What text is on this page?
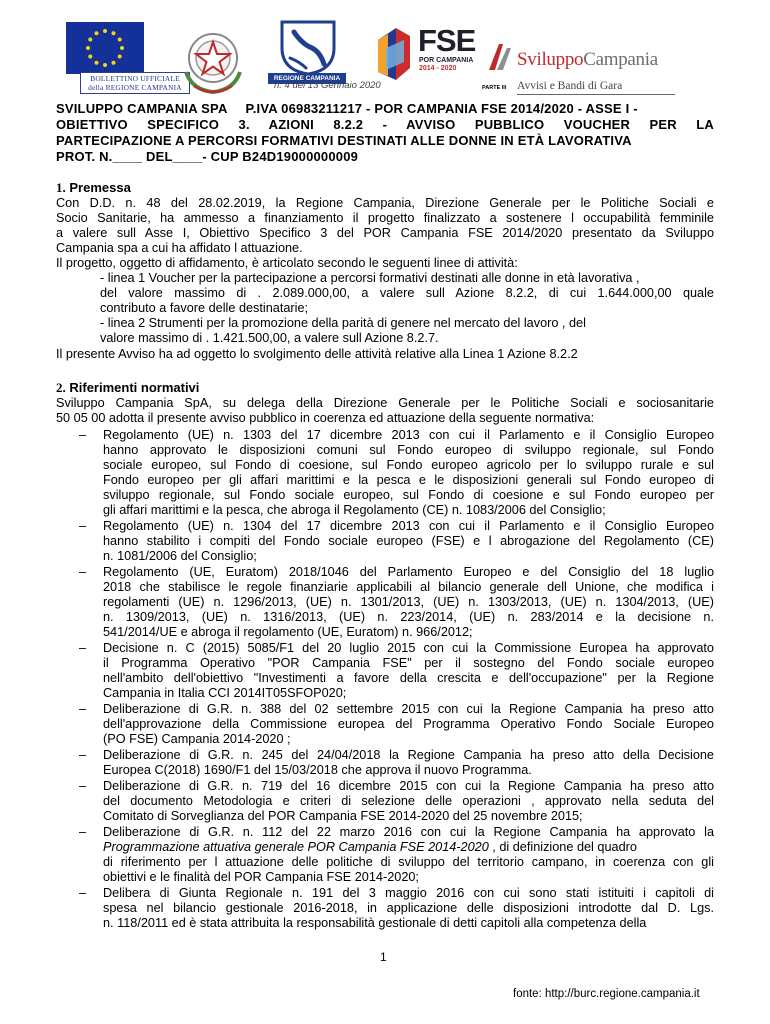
BOLLETTINO UFFICIALE
della REGIONE CAMPANIA
REGIONE CAMPANIA
n. 4 del 13 Gennaio 2020
FSE
POR CAMPANIA
2014 - 2020	SviluppoCampania
PARTE III Avvisi e Bandi di Gara
SVILUPPO CAMPANIA SPA P.IVA 06983211217 - POR CAMPANIA FSE 2014/2020 - ASSE I -
OBIETTIVO SPECIFICO 3. AZIONI 8.2.2 - AVVISO PUBBLICO VOUCHER PER LA
PARTECIPAZIONE A PERCORSI FORMATIVI DESTINATI ALLE DONNE IN ETÀ LAVORATIVA
PROT. N.____ DEL____- CUP B24D19000000009
1. Premessa
Con D.D. n. 48 del 28.02.2019, la Regione Campania, Direzione Generale per le Politiche Sociali e
Socio Sanitarie, ha ammesso a finanziamento il progetto finalizzato a sostenere l occupabilità femminile
a valere sull Asse I, Obiettivo Specifico 3 del POR Campania FSE 2014/2020 presentato da Sviluppo
Campania spa a cui ha affidato l attuazione.
Il progetto, oggetto di affidamento, è articolato secondo le seguenti linee di attività:
- linea 1 Voucher per la partecipazione a percorsi formativi destinati alle donne in età lavorativa ,
del valore massimo di . 2.089.000,00, a valere sull Azione 8.2.2, di cui 1.644.000,00 quale
contributo a favore delle destinatarie;
- linea 2 Strumenti per la promozione della parità di genere nel mercato del lavoro , del
valore massimo di . 1.421.500,00, a valere sull Azione 8.2.7.
Il presente Avviso ha ad oggetto lo svolgimento delle attività relative alla Linea 1 Azione 8.2.2
2. Riferimenti normativi
Sviluppo Campania SpA, su delega della Direzione Generale per le Politiche Sociali e sociosanitarie
50 05 00 adotta il presente avviso pubblico in coerenza ed attuazione della seguente normativa:
– Regolamento (UE) n. 1303 del 17 dicembre 2013 con cui il Parlamento e il Consiglio Europeo
hanno approvato le disposizioni comuni sul Fondo europeo di sviluppo regionale, sul Fondo
sociale europeo, sul Fondo di coesione, sul Fondo europeo agricolo per lo sviluppo rurale e sul
Fondo europeo per gli affari marittimi e la pesca e le disposizioni generali sul Fondo europeo di
sviluppo regionale, sul Fondo sociale europeo, sul Fondo di coesione e sul Fondo europeo per
gli affari marittimi e la pesca, che abroga il Regolamento (CE) n. 1083/2006 del Consiglio;
– Regolamento (UE) n. 1304 del 17 dicembre 2013 con cui il Parlamento e il Consiglio Europeo
hanno stabilito i compiti del Fondo sociale europeo (FSE) e l abrogazione del Regolamento (CE)
n. 1081/2006 del Consiglio;
– Regolamento (UE, Euratom) 2018/1046 del Parlamento Europeo e del Consiglio del 18 luglio
2018 che stabilisce le regole finanziarie applicabili al bilancio generale dell Unione, che modifica i
regolamenti (UE) n. 1296/2013, (UE) n. 1301/2013, (UE) n. 1303/2013, (UE) n. 1304/2013, (UE)
n. 1309/2013, (UE) n. 1316/2013, (UE) n. 223/2014, (UE) n. 283/2014 e la decisione n.
541/2014/UE e abroga il regolamento (UE, Euratom) n. 966/2012;
– Decisione n. C (2015) 5085/F1 del 20 luglio 2015 con cui la Commissione Europea ha approvato
il Programma Operativo "POR Campania FSE" per il sostegno del Fondo sociale europeo
nell'ambito dell'obiettivo "Investimenti a favore della crescita e dell'occupazione" per la Regione
Campania in Italia CCI 2014IT05SFOP020;
– Deliberazione di G.R. n. 388 del 02 settembre 2015 con cui la Regione Campania ha preso atto
dell'approvazione della Commissione europea del Programma Operativo Fondo Sociale Europeo
(PO FSE) Campania 2014-2020 ;
– Deliberazione di G.R. n. 245 del 24/04/2018 la Regione Campania ha preso atto della Decisione
Europea C(2018) 1690/F1 del 15/03/2018 che approva il nuovo Programma.
– Deliberazione di G.R. n. 719 del 16 dicembre 2015 con cui la Regione Campania ha preso atto
del documento Metodologia e criteri di selezione delle operazioni , approvato nella seduta del
Comitato di Sorveglianza del POR Campania FSE 2014-2020 del 25 novembre 2015;
– Deliberazione di G.R. n. 112 del 22 marzo 2016 con cui la Regione Campania ha approvato la
Programmazione attuativa generale POR Campania FSE 2014-2020 , di definizione del quadro
di riferimento per l attuazione delle politiche di sviluppo del territorio campano, in coerenza con gli
obiettivi e le finalità del POR Campania FSE 2014-2020;
– Delibera di Giunta Regionale n. 191 del 3 maggio 2016 con cui sono stati istituiti i capitoli di
spesa nel bilancio gestionale 2016-2018, in applicazione delle disposizioni introdotte dal D. Lgs.
n. 118/2011 ed è stata attribuita la responsabilità gestionale di detti capitoli alla competenza della
1
fonte: http://burc.regione.campania.it
